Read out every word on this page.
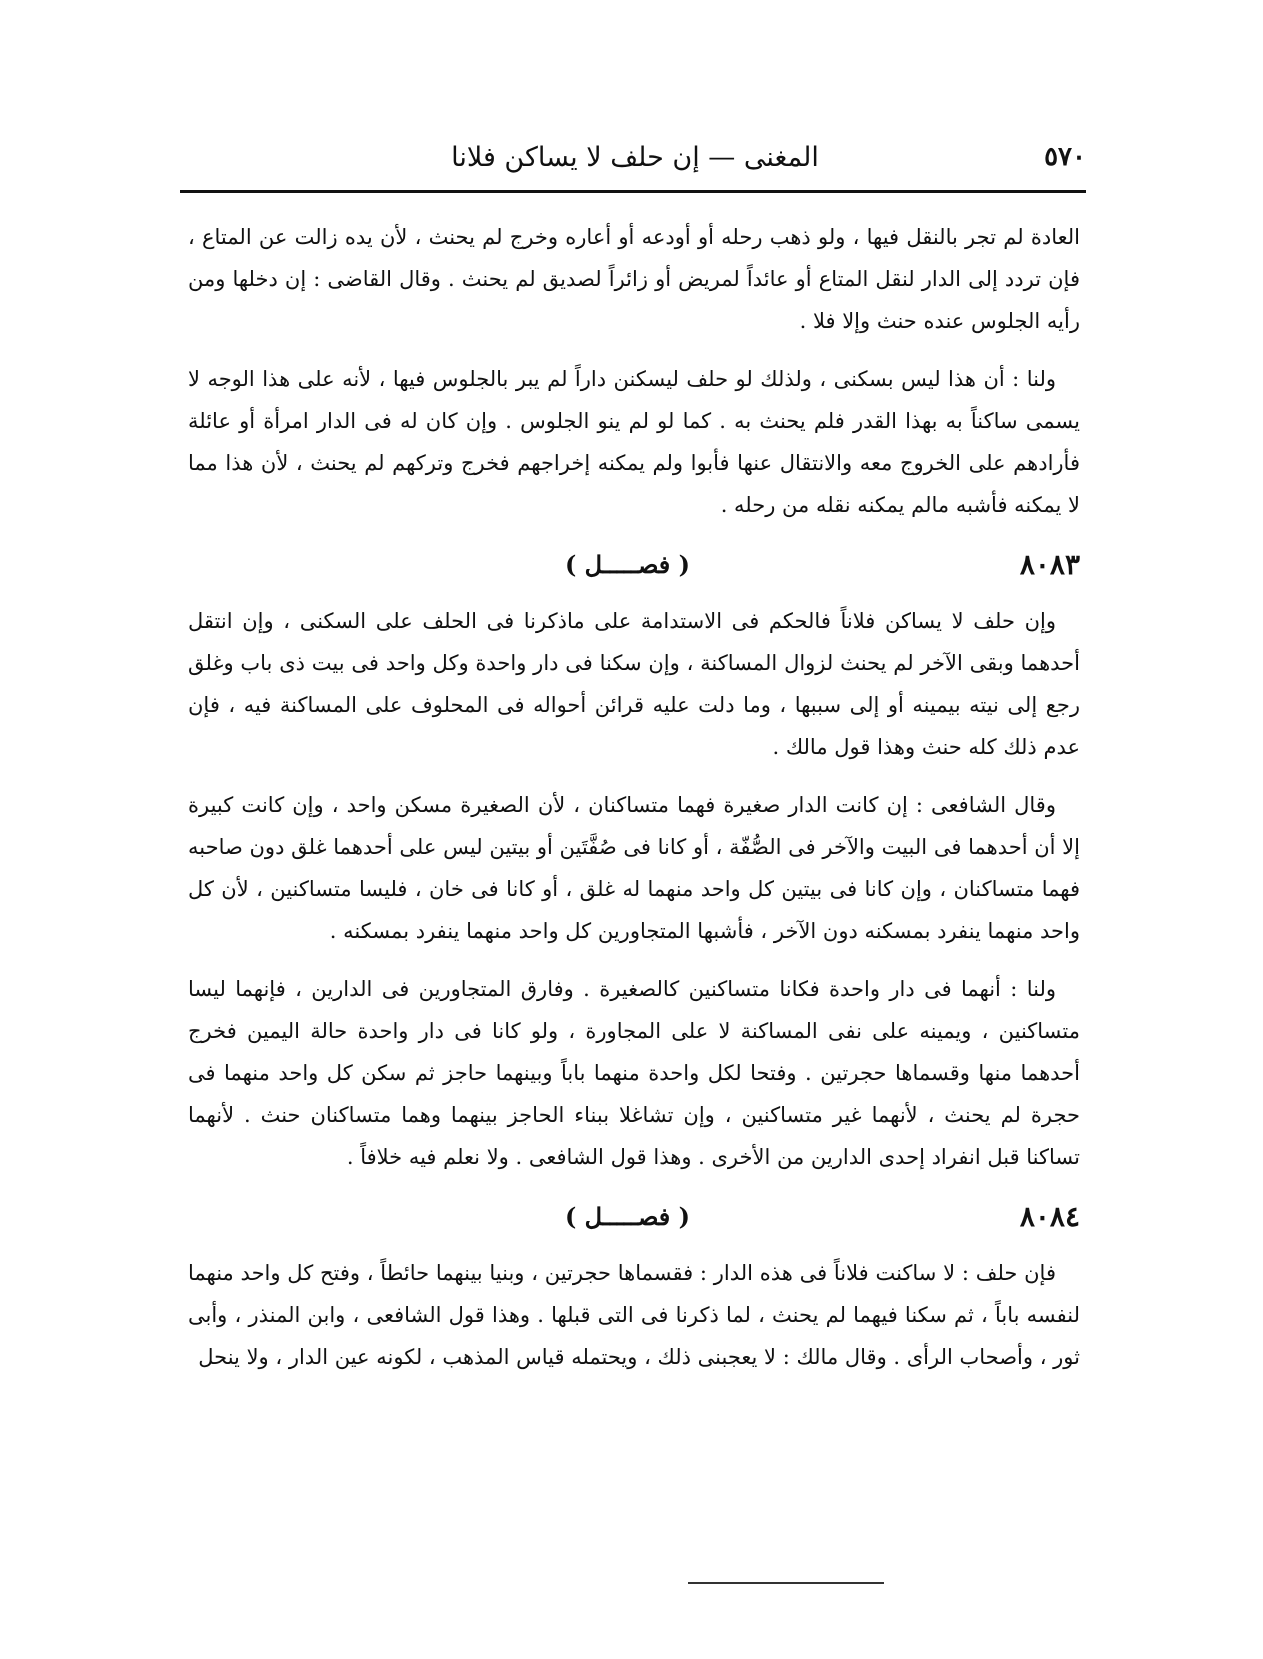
٥٧٠
المغنى — إن حلف لا يساكن فلانا

العادة لم تجر بالنقل فيها ، ولو ذهب رحله أو أودعه أو أعاره وخرج لم يحنث ، لأن يده زالت عن المتاع ، فإن تردد إلى الدار لنقل المتاع أو عائداً لمريض أو زائراً لصديق لم يحنث . وقال القاضى : إن دخلها ومن رأيه الجلوس عنده حنث وإلا فلا .

ولنا : أن هذا ليس بسكنى ، ولذلك لو حلف ليسكنن داراً لم يبر بالجلوس فيها ، لأنه على هذا الوجه لا يسمى ساكناً به بهذا القدر فلم يحنث به . كما لو لم ينو الجلوس . وإن كان له فى الدار امرأة أو عائلة فأرادهم على الخروج معه والانتقال عنها فأبوا ولم يمكنه إخراجهم فخرج وتركهم لم يحنث ، لأن هذا مما لا يمكنه فأشبه مالم يمكنه نقله من رحله .

٨٠٨٣
( فصـــــل )

وإن حلف لا يساكن فلاناً فالحكم فى الاستدامة على ماذكرنا فى الحلف على السكنى ، وإن انتقل أحدهما وبقى الآخر لم يحنث لزوال المساكنة ، وإن سكنا فى دار واحدة وكل واحد فى بيت ذى باب وغلق رجع إلى نيته بيمينه أو إلى سببها ، وما دلت عليه قرائن أحواله فى المحلوف على المساكنة فيه ، فإن عدم ذلك كله حنث وهذا قول مالك .

وقال الشافعى : إن كانت الدار صغيرة فهما متساكنان ، لأن الصغيرة مسكن واحد ، وإن كانت كبيرة إلا أن أحدهما فى البيت والآخر فى الصُّفّة ، أو كانا فى صُفَّتَين أو بيتين ليس على أحدهما غلق دون صاحبه فهما متساكنان ، وإن كانا فى بيتين كل واحد منهما له غلق ، أو كانا فى خان ، فليسا متساكنين ، لأن كل واحد منهما ينفرد بمسكنه دون الآخر ، فأشبها المتجاورين كل واحد منهما ينفرد بمسكنه .

ولنا : أنهما فى دار واحدة فكانا متساكنين كالصغيرة . وفارق المتجاورين فى الدارين ، فإنهما ليسا متساكنين ، ويمينه على نفى المساكنة لا على المجاورة ، ولو كانا فى دار واحدة حالة اليمين فخرج أحدهما منها وقسماها حجرتين . وفتحا لكل واحدة منهما باباً وبينهما حاجز ثم سكن كل واحد منهما فى حجرة لم يحنث ، لأنهما غير متساكنين ، وإن تشاغلا ببناء الحاجز بينهما وهما متساكنان حنث . لأنهما تساكنا قبل انفراد إحدى الدارين من الأخرى . وهذا قول الشافعى . ولا نعلم فيه خلافاً .

٨٠٨٤
( فصـــــل )

فإن حلف : لا ساكنت فلاناً فى هذه الدار : فقسماها حجرتين ، وبنيا بينهما حائطاً ، وفتح كل واحد منهما لنفسه باباً ، ثم سكنا فيهما لم يحنث ، لما ذكرنا فى التى قبلها . وهذا قول الشافعى ، وابن المنذر ، وأبى ثور ، وأصحاب الرأى . وقال مالك : لا يعجبنى ذلك ، ويحتمله قياس المذهب ، لكونه عين الدار ، ولا ينحل
